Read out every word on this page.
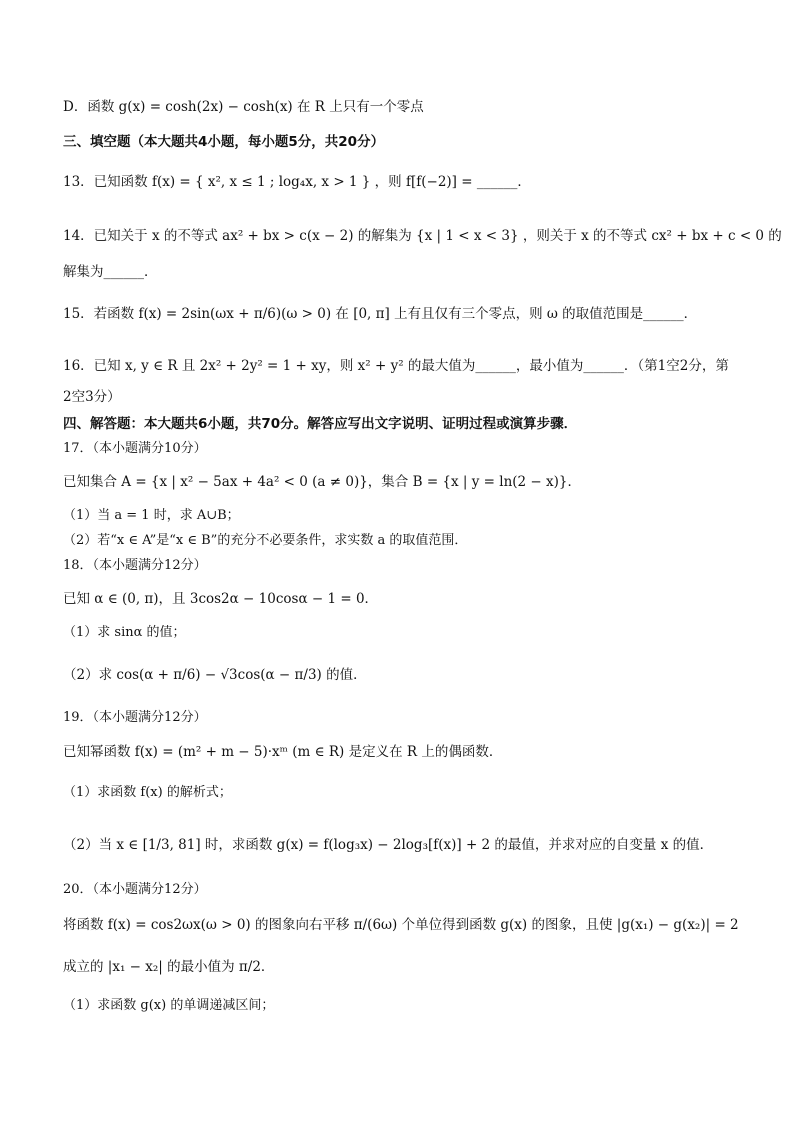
D．函数 g(x) = cosh(2x) − cosh(x) 在 R 上只有一个零点
三、填空题（本大题共4小题，每小题5分，共20分）
13．已知函数 f(x) = { x², x ≤ 1 ; log₄x, x > 1 } ，则 f[f(−2)] = ______．
14．已知关于 x 的不等式 ax² + bx > c(x − 2) 的解集为 {x | 1 < x < 3} ，则关于 x 的不等式 cx² + bx + c < 0 的
解集为______．
15．若函数 f(x) = 2sin(ωx + π/6)(ω > 0) 在 [0, π] 上有且仅有三个零点，则 ω 的取值范围是______．
16．已知 x, y ∈ R 且 2x² + 2y² = 1 + xy，则 x² + y² 的最大值为______，最小值为______．（第1空2分，第
2空3分）
四、解答题：本大题共6小题，共70分。解答应写出文字说明、证明过程或演算步骤．
17．（本小题满分10分）
已知集合 A = {x | x² − 5ax + 4a² < 0 (a ≠ 0)}，集合 B = {x | y = ln(2 − x)}．
（1）当 a = 1 时，求 A∪B；
（2）若“x ∈ A”是“x ∈ B”的充分不必要条件，求实数 a 的取值范围．
18．（本小题满分12分）
已知 α ∈ (0, π)，且 3cos2α − 10cosα − 1 = 0．
（1）求 sinα 的值；
（2）求 cos(α + π/6) − √3cos(α − π/3) 的值．
19．（本小题满分12分）
已知幂函数 f(x) = (m² + m − 5)·xᵐ (m ∈ R) 是定义在 R 上的偶函数．
（1）求函数 f(x) 的解析式；
（2）当 x ∈ [1/3, 81] 时，求函数 g(x) = f(log₃x) − 2log₃[f(x)] + 2 的最值，并求对应的自变量 x 的值．
20．（本小题满分12分）
将函数 f(x) = cos2ωx(ω > 0) 的图象向右平移 π/(6ω) 个单位得到函数 g(x) 的图象，且使 |g(x₁) − g(x₂)| = 2
成立的 |x₁ − x₂| 的最小值为 π/2．
（1）求函数 g(x) 的单调递减区间；
